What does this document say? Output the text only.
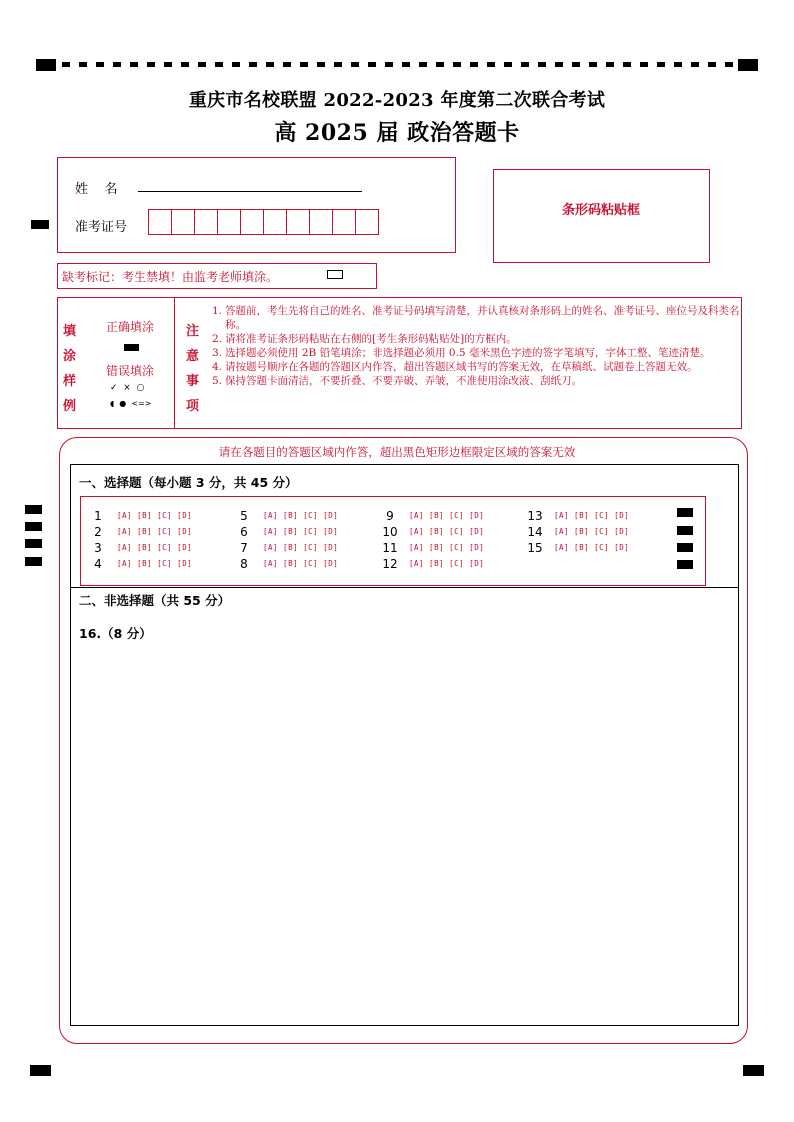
重庆市名校联盟 2022-2023 年度第二次联合考试
高 2025 届 政治答题卡
姓    名
准考证号
条形码粘贴框
缺考标记：考生禁填！由监考老师填涂。
填
涂
样
例
正确填涂
错误填涂
✓  ⨯  ○
◖  ●  <=>
注
意
事
项
1. 答题前，考生先将自己的姓名、准考证号码填写清楚，并认真核对条形码上的姓名、准考证号、座位号及科类名称。
2. 请将准考证条形码粘贴在右侧的[考生条形码粘贴处]的方框内。
3. 选择题必须使用 2B 铅笔填涂；非选择题必须用 0.5 毫米黑色字迹的签字笔填写，字体工整、笔迹清楚。
4. 请按题号顺序在各题的答题区内作答，超出答题区域书写的答案无效，在草稿纸、试题卷上答题无效。
5. 保持答题卡面清洁，不要折叠、不要弄破、弄皱，不准使用涂改液、刮纸刀。
请在各题目的答题区域内作答，超出黑色矩形边框限定区域的答案无效
一、选择题（每小题 3 分，共 45 分）
1	[A] [B] [C] [D]
2	[A] [B] [C] [D]
3	[A] [B] [C] [D]
4	[A] [B] [C] [D]
5	[A] [B] [C] [D]
6	[A] [B] [C] [D]
7	[A] [B] [C] [D]
8	[A] [B] [C] [D]
9	[A] [B] [C] [D]
10	[A] [B] [C] [D]
11	[A] [B] [C] [D]
12	[A] [B] [C] [D]
13	[A] [B] [C] [D]
14	[A] [B] [C] [D]
15	[A] [B] [C] [D]
二、非选择题（共 55 分）
16.（8 分）
